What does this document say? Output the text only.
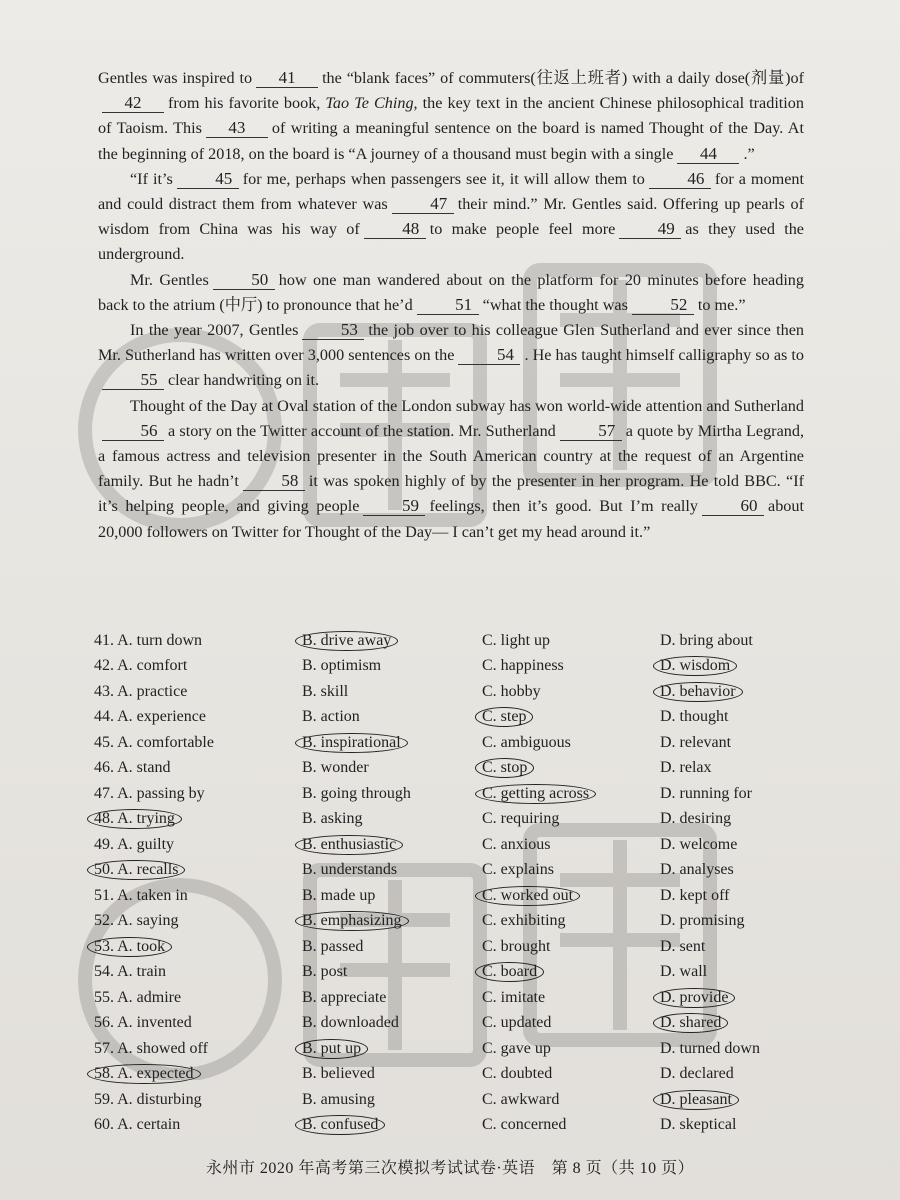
Gentles was inspired to 41 the “blank faces” of commuters(往返上班者) with a daily dose(剂量)of42 from his favorite book, Tao Te Ching, the key text in the ancient Chinese philosophical tradition of Taoism. This 43 of writing a meaningful sentence on the board is named Thought of the Day. At the beginning of 2018, on the board is “A journey of a thousand must begin with a single 44 .”

“If it’s	45 for me, perhaps when passengers see it, it will allow them to	46 for a moment and could distract them from whatever was	47 their mind.” Mr. Gentles said. Offering up pearls of wisdom from China was his way of	48 to make people feel more	49 as they used the underground.

Mr. Gentles	50 how one man wandered about on the platform for 20 minutes before heading back to the atrium (中厅) to pronounce that he’d	51 “what the thought was	52 to me.”

In the year 2007, Gentles	53 the job over to his colleague Glen Sutherland and ever since then Mr. Sutherland has written over 3,000 sentences on the	54 . He has taught himself calligraphy so as to55 clear handwriting on it.

Thought of the Day at Oval station of the London subway has won world-wide attention and Sutherland56 a story on the Twitter account of the station. Mr. Sutherland	57 a quote by Mirtha Legrand, a famous actress and television presenter in the South American country at the request of an Argentine family. But he hadn’t	58 it was spoken highly of by the presenter in her program. He told BBC. “If it’s helping people, and giving people	59 feelings, then it’s good. But I’m really	60 about 20,000 followers on Twitter for Thought of the Day— I can’t get my head around it.”

41. A. turn down	B. drive away	C. light up	D. bring about
42. A. comfort	B. optimism	C. happiness	D. wisdom
43. A. practice	B. skill	C. hobby	D. behavior
44. A. experience	B. action	C. step	D. thought
45. A. comfortable	B. inspirational	C. ambiguous	D. relevant
46. A. stand	B. wonder	C. stop	D. relax
47. A. passing by	B. going through	C. getting across	D. running for
48. A. trying	B. asking	C. requiring	D. desiring
49. A. guilty	B. enthusiastic	C. anxious	D. welcome
50. A. recalls	B. understands	C. explains	D. analyses
51. A. taken in	B. made up	C. worked out	D. kept off
52. A. saying	B. emphasizing	C. exhibiting	D. promising
53. A. took	B. passed	C. brought	D. sent
54. A. train	B. post	C. board	D. wall
55. A. admire	B. appreciate	C. imitate	D. provide
56. A. invented	B. downloaded	C. updated	D. shared
57. A. showed off	B. put up	C. gave up	D. turned down
58. A. expected	B. believed	C. doubted	D. declared
59. A. disturbing	B. amusing	C. awkward	D. pleasant
60. A. certain	B. confused	C. concerned	D. skeptical
永州市 2020 年高考第三次模拟考试试卷·英语　第 8 页（共 10 页）
